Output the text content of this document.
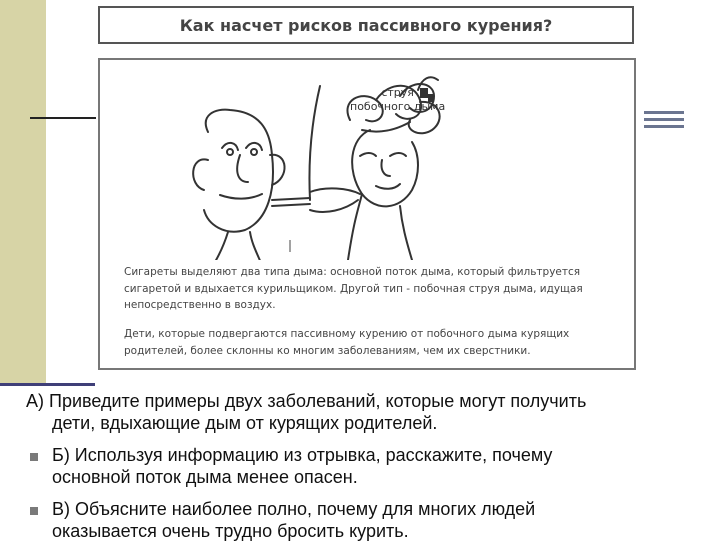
Как насчет рисков пассивного курения?
струя
побочного дыма
Сигареты выделяют два типа дыма: основной поток дыма, который фильтруется
сигаретой и вдыхается курильщиком. Другой тип - побочная струя дыма, идущая
непосредственно в воздух.
Дети, которые подвергаются пассивному курению от побочного дыма курящих
родителей, более склонны ко многим заболеваниям, чем их сверстники.
А) Приведите примеры двух заболеваний, которые могут получить
дети, вдыхающие дым от курящих родителей.
Б) Используя информацию из отрывка, расскажите, почему
основной поток дыма менее опасен.
В) Объясните наиболее полно, почему для многих людей
оказывается очень трудно бросить курить.
